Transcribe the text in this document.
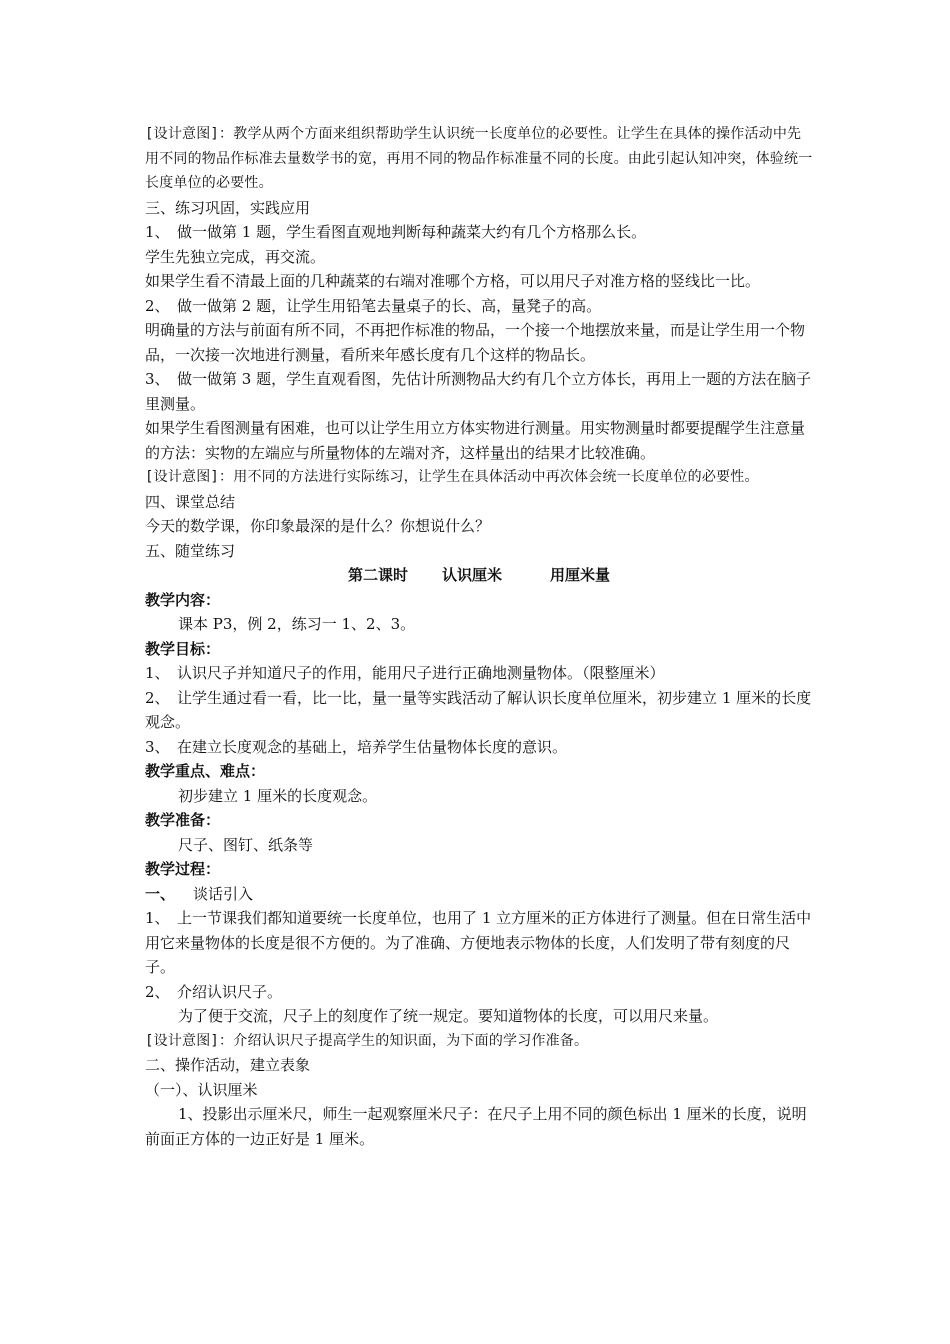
[设计意图]：教学从两个方面来组织帮助学生认识统一长度单位的必要性。让学生在具体的操作活动中先用不同的物品作标准去量数学书的宽，再用不同的物品作标准量不同的长度。由此引起认知冲突，体验统一长度单位的必要性。

三、练习巩固，实践应用

1、　做一做第 1 题，学生看图直观地判断每种蔬菜大约有几个方格那么长。

学生先独立完成，再交流。

如果学生看不清最上面的几种蔬菜的右端对准哪个方格，可以用尺子对准方格的竖线比一比。

2、　做一做第 2 题，让学生用铅笔去量桌子的长、高，量凳子的高。

明确量的方法与前面有所不同，不再把作标准的物品，一个接一个地摆放来量，而是让学生用一个物品，一次接一次地进行测量，看所来年感长度有几个这样的物品长。

3、　做一做第 3 题，学生直观看图，先估计所测物品大约有几个立方体长，再用上一题的方法在脑子里测量。

如果学生看图测量有困难，也可以让学生用立方体实物进行测量。用实物测量时都要提醒学生注意量的方法：实物的左端应与所量物体的左端对齐，这样量出的结果才比较准确。

[设计意图]：用不同的方法进行实际练习，让学生在具体活动中再次体会统一长度单位的必要性。

四、课堂总结

今天的数学课，你印象最深的是什么？你想说什么？

五、随堂练习

第二课时 认识厘米	用厘米量

教学内容：

课本 P3，例 2，练习一 1、2、3。

教学目标：

1、　认识尺子并知道尺子的作用，能用尺子进行正确地测量物体。（限整厘米）

2、　让学生通过看一看，比一比，量一量等实践活动了解认识长度单位厘米，初步建立 1 厘米的长度观念。

3、　在建立长度观念的基础上，培养学生估量物体长度的意识。

教学重点、难点：

初步建立 1 厘米的长度观念。

教学准备：

尺子、图钉、纸条等

教学过程：

一、 谈话引入

1、　上一节课我们都知道要统一长度单位，也用了 1 立方厘米的正方体进行了测量。但在日常生活中用它来量物体的长度是很不方便的。为了准确、方便地表示物体的长度，人们发明了带有刻度的尺子。

2、　介绍认识尺子。

为了便于交流，尺子上的刻度作了统一规定。要知道物体的长度，可以用尺来量。

[设计意图]：介绍认识尺子提高学生的知识面，为下面的学习作准备。

二、操作活动，建立表象

（一）、认识厘米

1、投影出示厘米尺，师生一起观察厘米尺子：在尺子上用不同的颜色标出 1 厘米的长度，说明前面正方体的一边正好是 1 厘米。
